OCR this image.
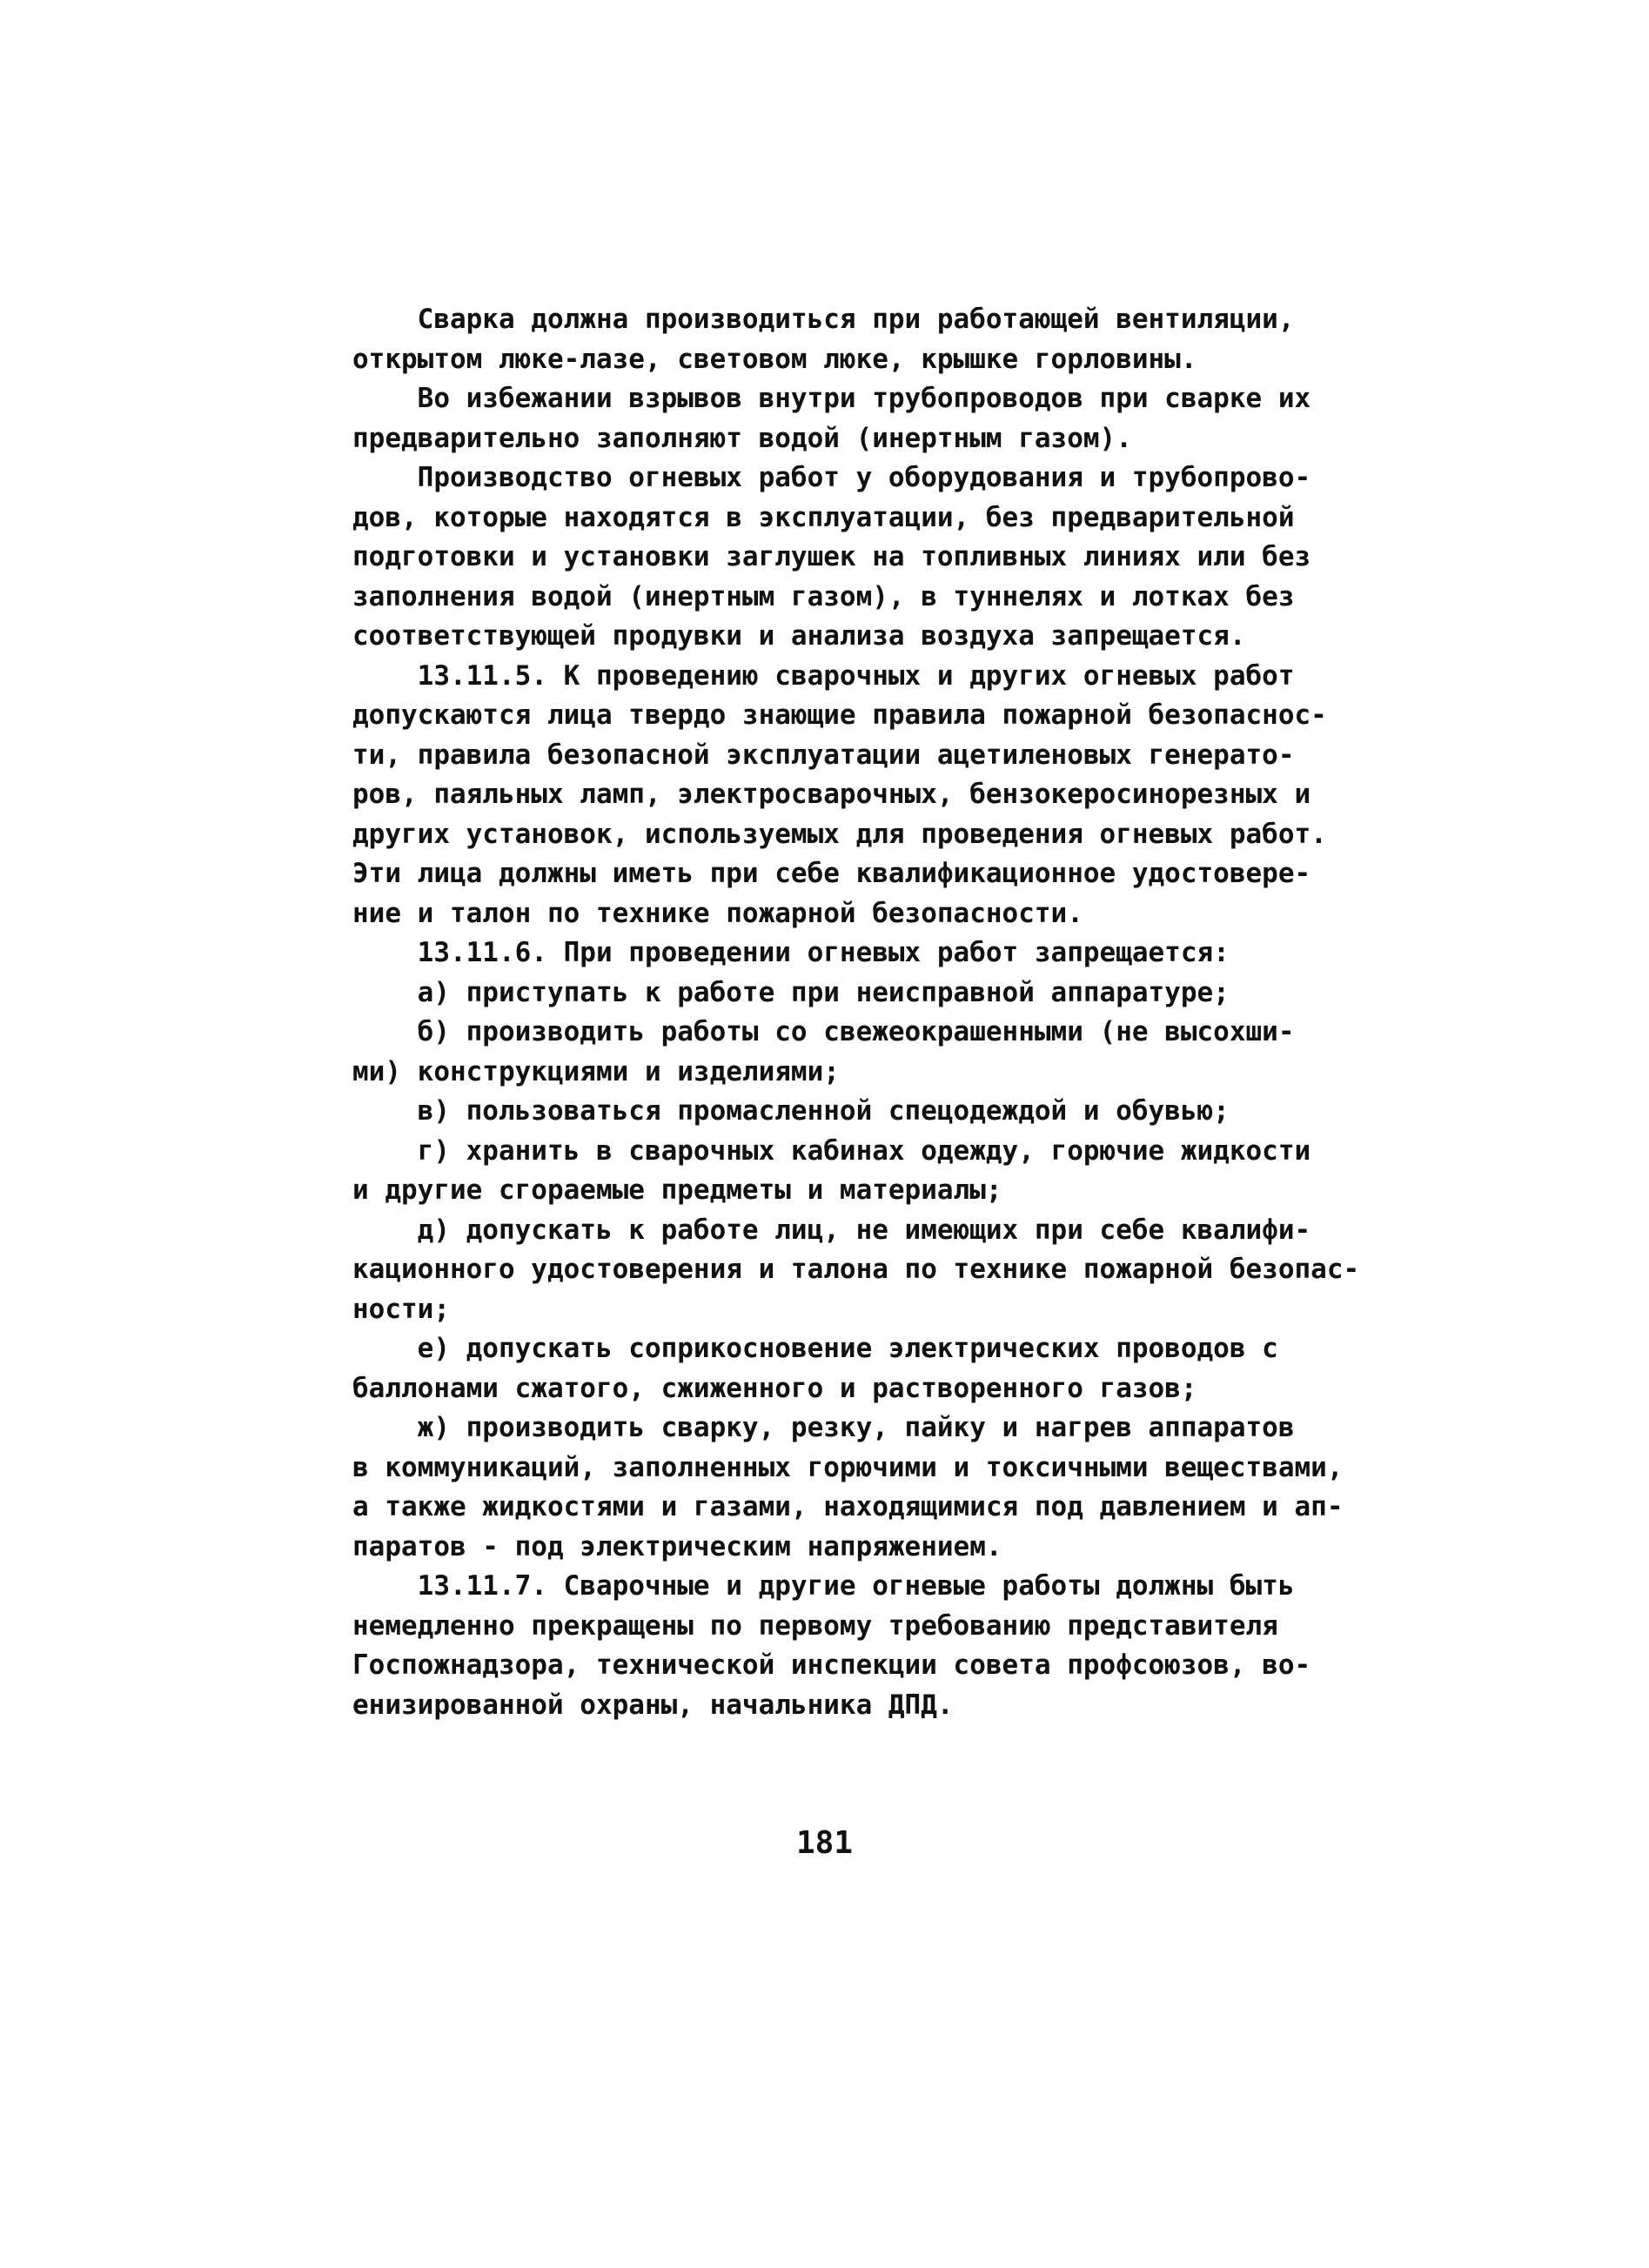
Сварка должна производиться при работающей вентиляции,
открытом люке-лазе, световом люке, крышке горловины.
Во избежании взрывов внутри трубопроводов при сварке их
предварительно заполняют водой (инертным газом).
Производство огневых работ у оборудования и трубопрово-
дов, которые находятся в эксплуатации, без предварительной
подготовки и установки заглушек на топливных линиях или без
заполнения водой (инертным газом), в туннелях и лотках без
соответствующей продувки и анализа воздуха запрещается.
13.11.5. К проведению сварочных и других огневых работ
допускаются лица твердо знающие правила пожарной безопаснос-
ти, правила безопасной эксплуатации ацетиленовых генерато-
ров, паяльных ламп, электросварочных, бензокеросинорезных и
других установок, используемых для проведения огневых работ.
Эти лица должны иметь при себе квалификационное удостовере-
ние и талон по технике пожарной безопасности.
13.11.6. При проведении огневых работ запрещается:
а) приступать к работе при неисправной аппаратуре;
б) производить работы со свежеокрашенными (не высохши-
ми) конструкциями и изделиями;
в) пользоваться промасленной спецодеждой и обувью;
г) хранить в сварочных кабинах одежду, горючие жидкости
и другие сгораемые предметы и материалы;
д) допускать к работе лиц, не имеющих при себе квалифи-
кационного удостоверения и талона по технике пожарной безопас-
ности;
е) допускать соприкосновение электрических проводов с
баллонами сжатого, сжиженного и растворенного газов;
ж) производить сварку, резку, пайку и нагрев аппаратов
в коммуникаций, заполненных горючими и токсичными веществами,
а также жидкостями и газами, находящимися под давлением и ап-
паратов - под электрическим напряжением.
13.11.7. Сварочные и другие огневые работы должны быть
немедленно прекращены по первому требованию представителя
Госпожнадзора, технической инспекции совета профсоюзов, во-
енизированной охраны, начальника ДПД.
181
